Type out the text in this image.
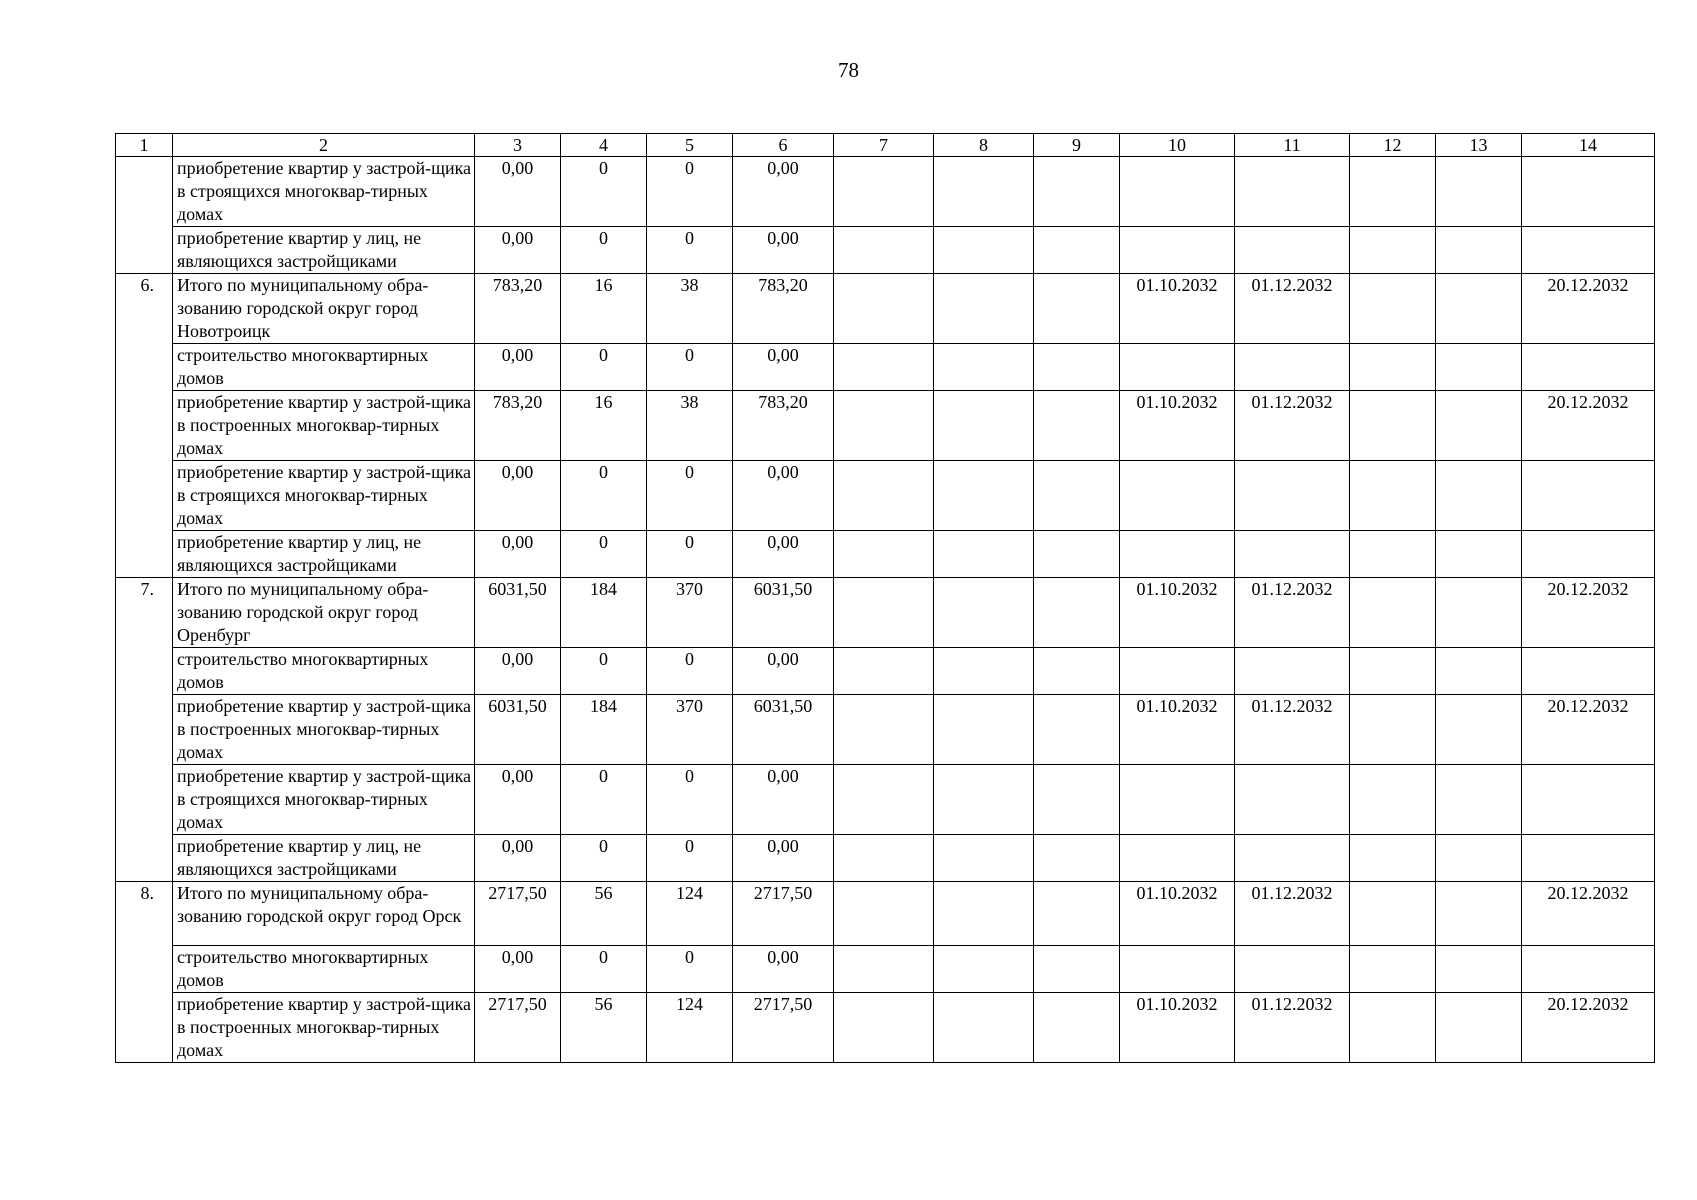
78
1	2	3	4	5	6	7	8	9	10	11	12	13	14
	приобретение квартир у застрой-щика в строящихся многоквар-тирных домах	0,00	0	0	0,00								
	приобретение квартир у лиц, не являющихся застройщиками	0,00	0	0	0,00								
6.	Итого по муниципальному обра-зованию городской округ город Новотроицк	783,20	16	38	783,20				01.10.2032	01.12.2032			20.12.2032
	строительство многоквартирных домов	0,00	0	0	0,00								
	приобретение квартир у застрой-щика в построенных многоквар-тирных домах	783,20	16	38	783,20				01.10.2032	01.12.2032			20.12.2032
	приобретение квартир у застрой-щика в строящихся многоквар-тирных домах	0,00	0	0	0,00								
	приобретение квартир у лиц, не являющихся застройщиками	0,00	0	0	0,00								
7.	Итого по муниципальному обра-зованию городской округ город Оренбург	6031,50	184	370	6031,50				01.10.2032	01.12.2032			20.12.2032
	строительство многоквартирных домов	0,00	0	0	0,00								
	приобретение квартир у застрой-щика в построенных многоквар-тирных домах	6031,50	184	370	6031,50				01.10.2032	01.12.2032			20.12.2032
	приобретение квартир у застрой-щика в строящихся многоквар-тирных домах	0,00	0	0	0,00								
	приобретение квартир у лиц, не являющихся застройщиками	0,00	0	0	0,00								
8.	Итого по муниципальному обра-зованию городской округ город Орск	2717,50	56	124	2717,50				01.10.2032	01.12.2032			20.12.2032
	строительство многоквартирных домов	0,00	0	0	0,00								
	приобретение квартир у застрой-щика в построенных многоквар-тирных домах	2717,50	56	124	2717,50				01.10.2032	01.12.2032			20.12.2032
